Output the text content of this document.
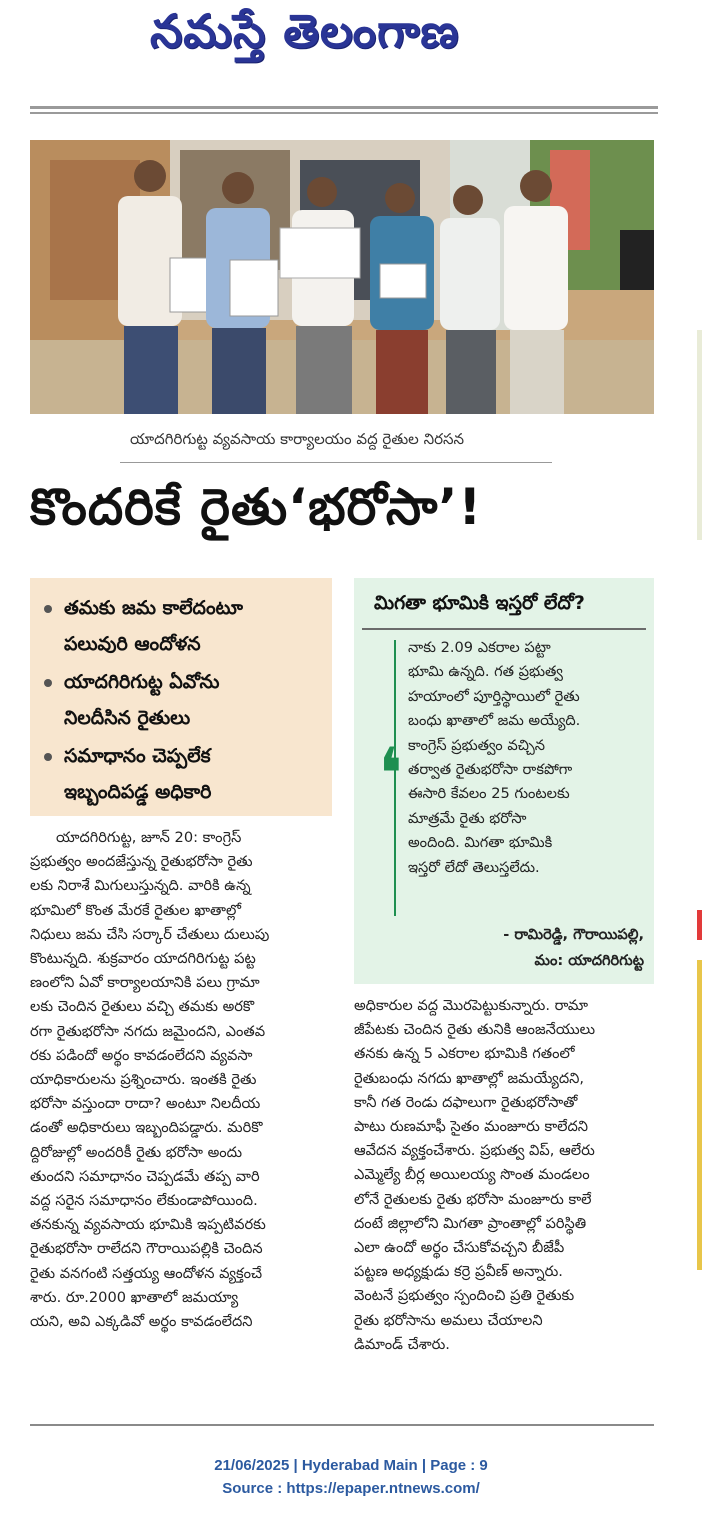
నమస్తే తెలంగాణ
యాదగిరిగుట్ట వ్యవసాయ కార్యాలయం వద్ద రైతుల నిరసన
కొందరికే రైతు‘భరోసా’!
తమకు జమ కాలేదంటూ
పలువురి ఆందోళన
యాదగిరిగుట్ట ఏవోను
నిలదీసిన రైతులు
సమాధానం చెప్పలేక
ఇబ్బందిపడ్డ అధికారి

యాదగిరిగుట్ట, జూన్ 20: కాంగ్రెస్

ప్రభుత్వం అందజేస్తున్న రైతుభరోసా రైతు

లకు నిరాశే మిగులుస్తున్నది. వారికి ఉన్న

భూమిలో కొంత మేరకే రైతుల ఖాతాల్లో

నిధులు జమ చేసి సర్కార్ చేతులు దులుపు

కొంటున్నది. శుక్రవారం యాదగిరిగుట్ట పట్ట

ణంలోని ఏవో కార్యాలయానికి పలు గ్రామా

లకు చెందిన రైతులు వచ్చి తమకు అరకొ

రగా రైతుభరోసా నగదు జమైందని, ఎంతవ

రకు పడిందో అర్థం కావడంలేదని వ్యవసా

యాధికారులను ప్రశ్నించారు. ఇంతకి రైతు

భరోసా వస్తుందా రాదా? అంటూ నిలదీయ

డంతో అధికారులు ఇబ్బందిపడ్డారు. మరికొ

ద్దిరోజుల్లో అందరికీ రైతు భరోసా అందు

తుందని సమాధానం చెప్పడమే తప్ప వారి

వద్ద సరైన సమాధానం లేకుండాపోయింది.

తనకున్న వ్యవసాయ భూమికి ఇప్పటివరకు

రైతుభరోసా రాలేదని గౌరాయిపల్లికి చెందిన

రైతు వనగంటి సత్తయ్య ఆందోళన వ్యక్తంచే

శారు. రూ.2000 ఖాతాలో జమయ్యా

యని, అవి ఎక్కడివో అర్థం కావడంలేదని

మిగతా భూమికి ఇస్తరో లేదో?
❛
నాకు 2.09 ఎకరాల పట్టా
భూమి ఉన్నది. గత ప్రభుత్వ
హయాంలో పూర్తిస్థాయిలో రైతు
బంధు ఖాతాలో జమ అయ్యేది.
కాంగ్రెస్ ప్రభుత్వం వచ్చిన
తర్వాత రైతుభరోసా రాకపోగా
ఈసారి కేవలం 25 గుంటలకు
మాత్రమే రైతు భరోసా
అందింది. మిగతా భూమికి
ఇస్తరో లేదో తెలుస్తలేదు.
- రామిరెడ్డి, గౌరాయిపల్లి,
మం: యాదగిరిగుట్ట

అధికారుల వద్ద మొరపెట్టుకున్నారు. రామా

జీపేటకు చెందిన రైతు తునికి ఆంజనేయులు

తనకు ఉన్న 5 ఎకరాల భూమికి గతంలో

రైతుబంధు నగదు ఖాతాల్లో జమయ్యేదని,

కానీ గత రెండు దఫాలుగా రైతుభరోసాతో

పాటు రుణమాఫీ సైతం మంజూరు కాలేదని

ఆవేదన వ్యక్తంచేశారు. ప్రభుత్వ విప్, ఆలేరు

ఎమ్మెల్యే బీర్ల అయిలయ్య సొంత మండలం

లోనే రైతులకు రైతు భరోసా మంజూరు కాలే

దంటే జిల్లాలోని మిగతా ప్రాంతాల్లో పరిస్థితి

ఎలా ఉందో అర్థం చేసుకోవచ్చని బీజేపీ

పట్టణ అధ్యక్షుడు కర్రె ప్రవీణ్ అన్నారు.

వెంటనే ప్రభుత్వం స్పందించి ప్రతి రైతుకు

రైతు భరోసాను అమలు చేయాలని

డిమాండ్ చేశారు.

21/06/2025 | Hyderabad Main | Page : 9
Source : https://epaper.ntnews.com/
